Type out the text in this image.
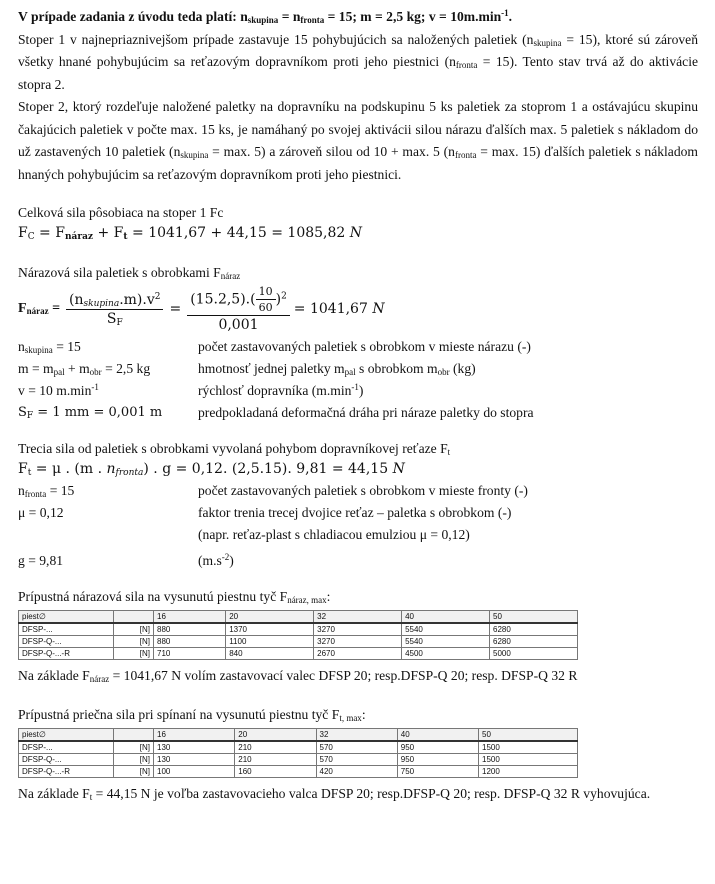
V prípade zadania z úvodu teda platí: $n_{skupina} = n_{fronta} = 15$; m = 2,5 kg; $v = 10m.\min^{-1}$.

Stoper 1 v najnepriaznivejšom prípade zastavuje 15 pohybujúcich sa naložených paletiek $(n_{skupina} = 15)$, ktoré sú zároveň všetky hnané pohybujúcim sa reťazovým dopravníkom proti jeho piestnici $(n_{fronta} = 15)$. Tento stav trvá až do aktivácie stopra 2.

Stoper 2, ktorý rozdeľuje naložené paletky na dopravníku na podskupinu 5 ks paletiek za stoprom 1 a ostávajúcu skupinu čakajúcich paletiek v počte max. 15 ks, je namáhaný po svojej aktivácii silou nárazu ďalších max. 5 paletiek s nákladom do už zastavených 10 paletiek ($n_{skupina} = \max$. 5) a zároveň silou od 10 + max. 5 ($n_{fronta} = \max$. 15) ďalších paletiek s nákladom hnaných pohybujúcim sa reťazovým dopravníkom proti jeho piestnici.

Celková sila pôsobiaca na stoper 1 Fc

$F_C = F_{náraz} + F_t = 1041,67 + 44,15 = 1085,82$ N

Nárazová sila paletiek s obrobkami $F_{náraz}$

$F_{náraz} = \frac{(n_{skupina}.m).v^2}{S_F} = \frac{(15.2,5).( \frac{10}{60} )^2}{0,001} = 1041,67$ N
$n_{skupina} = 15$	počet zastavovaných paletiek s obrobkom v mieste nárazu (-)
$m = m_{pal} + m_{obr} = 2,5$ kg	hmotnosť jednej paletky $m_{pal}$ s obrobkom $m_{obr}$ (kg)
v = 10 $m.\min^{-1}$	rýchlosť dopravníka $(m.\min^{-1})$
$S_F = 1$ mm = 0,001 m	predpokladaná deformačná dráha pri náraze paletky do stopra

Trecia sila od paletiek s obrobkami vyvolaná pohybom dopravníkovej reťaze $F_t$

$F_t = \mu$ . (m . $n_{fronta}$) . g = 0,12. (2,5.15). 9,81 = 44,15 N

$n_{fronta} = 15$	počet zastavovaných paletiek s obrobkom v mieste fronty (-)
μ = 0,12	faktor trenia trecej dvojice reťaz – paletka s obrobkom (-)
(napr. reťaz-plast s chladiacou emulziou μ = 0,12)
g = 9,81	$(m.s^{-2})$

Prípustná nárazová sila na vysunutú piestnu tyč $F_{náraz, max}$:

piest∅		16	20	32	40	50
DFSP-...	[N]	880	1370	3270	5540	6280
DFSP-Q-...	[N]	880	1100	3270	5540	6280
DFSP-Q-...-R	[N]	710	840	2670	4500	5000

Na základe $F_{náraz} = 1041,67$ N volím zastavovací valec DFSP 20; resp.DFSP-Q 20; resp. DFSP-Q 32 R

Prípustná priečna sila pri spínaní na vysunutú piestnu tyč $F_{t, max}$:

piest∅		16	20	32	40	50
DFSP-...	[N]	130	210	570	950	1500
DFSP-Q-...	[N]	130	210	570	950	1500
DFSP-Q-...-R	[N]	100	160	420	750	1200

Na základe $F_t = 44,15$ N je voľba zastavovacieho valca DFSP 20; resp.DFSP-Q 20; resp. DFSP-Q 32 R vyhovujúca.
